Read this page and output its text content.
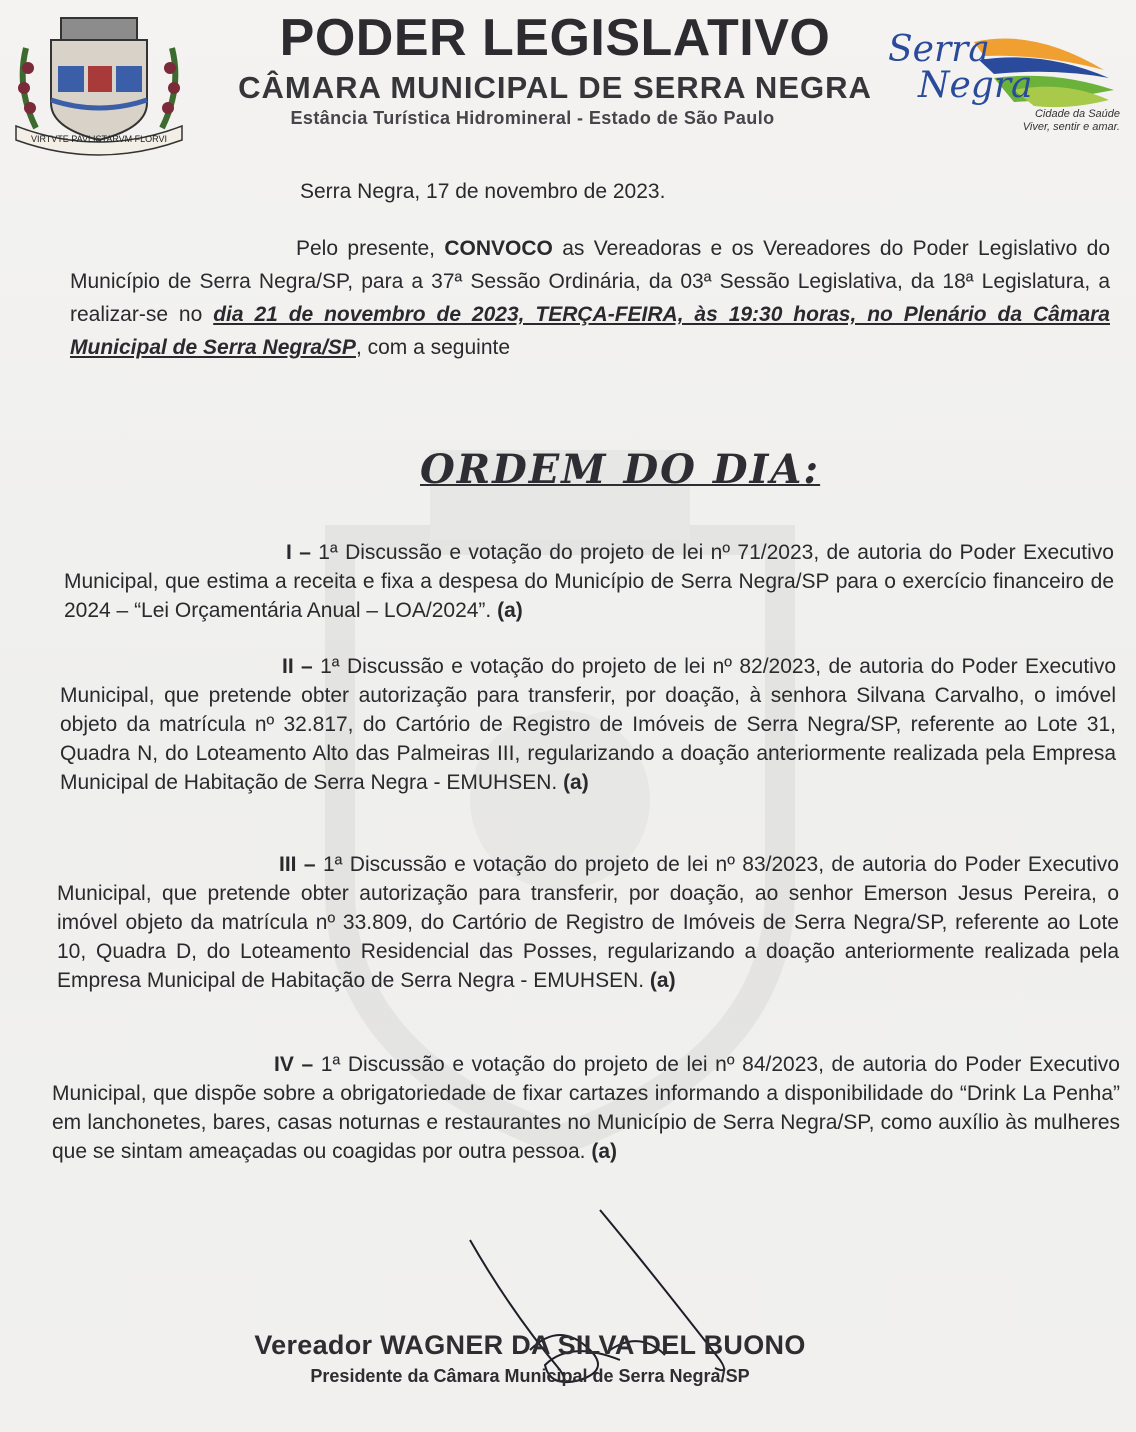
VIRTVTE PAVLISTARVM FLORVI
PODER LEGISLATIVO
CÂMARA MUNICIPAL DE SERRA NEGRA
Estância Turística Hidromineral - Estado de São Paulo
Serra
Negra
Cidade da Saúde
Viver, sentir e amar.
Serra Negra, 17 de novembro de 2023.
Pelo presente, CONVOCO as Vereadoras e os Vereadores do Poder Legislativo do Município de Serra Negra/SP, para a 37ª Sessão Ordinária, da 03ª Sessão Legislativa, da 18ª Legislatura, a realizar-se no dia 21 de novembro de 2023, TERÇA-FEIRA, às 19:30 horas, no Plenário da Câmara Municipal de Serra Negra/SP, com a seguinte
ORDEM DO DIA:
I – 1ª Discussão e votação do projeto de lei nº 71/2023, de autoria do Poder Executivo Municipal, que estima a receita e fixa a despesa do Município de Serra Negra/SP para o exercício financeiro de 2024 – “Lei Orçamentária Anual – LOA/2024”. (a)
II – 1ª Discussão e votação do projeto de lei nº 82/2023, de autoria do Poder Executivo Municipal, que pretende obter autorização para transferir, por doação, à senhora Silvana Carvalho, o imóvel objeto da matrícula nº 32.817, do Cartório de Registro de Imóveis de Serra Negra/SP, referente ao Lote 31, Quadra N, do Loteamento Alto das Palmeiras III, regularizando a doação anteriormente realizada pela Empresa Municipal de Habitação de Serra Negra - EMUHSEN. (a)
III – 1ª Discussão e votação do projeto de lei nº 83/2023, de autoria do Poder Executivo Municipal, que pretende obter autorização para transferir, por doação, ao senhor Emerson Jesus Pereira, o imóvel objeto da matrícula nº 33.809, do Cartório de Registro de Imóveis de Serra Negra/SP, referente ao Lote 10, Quadra D, do Loteamento Residencial das Posses, regularizando a doação anteriormente realizada pela Empresa Municipal de Habitação de Serra Negra - EMUHSEN. (a)
IV – 1ª Discussão e votação do projeto de lei nº 84/2023, de autoria do Poder Executivo Municipal, que dispõe sobre a obrigatoriedade de fixar cartazes informando a disponibilidade do “Drink La Penha” em lanchonetes, bares, casas noturnas e restaurantes no Município de Serra Negra/SP, como auxílio às mulheres que se sintam ameaçadas ou coagidas por outra pessoa. (a)
Vereador WAGNER DA SILVA DEL BUONO
Presidente da Câmara Municipal de Serra Negra/SP
